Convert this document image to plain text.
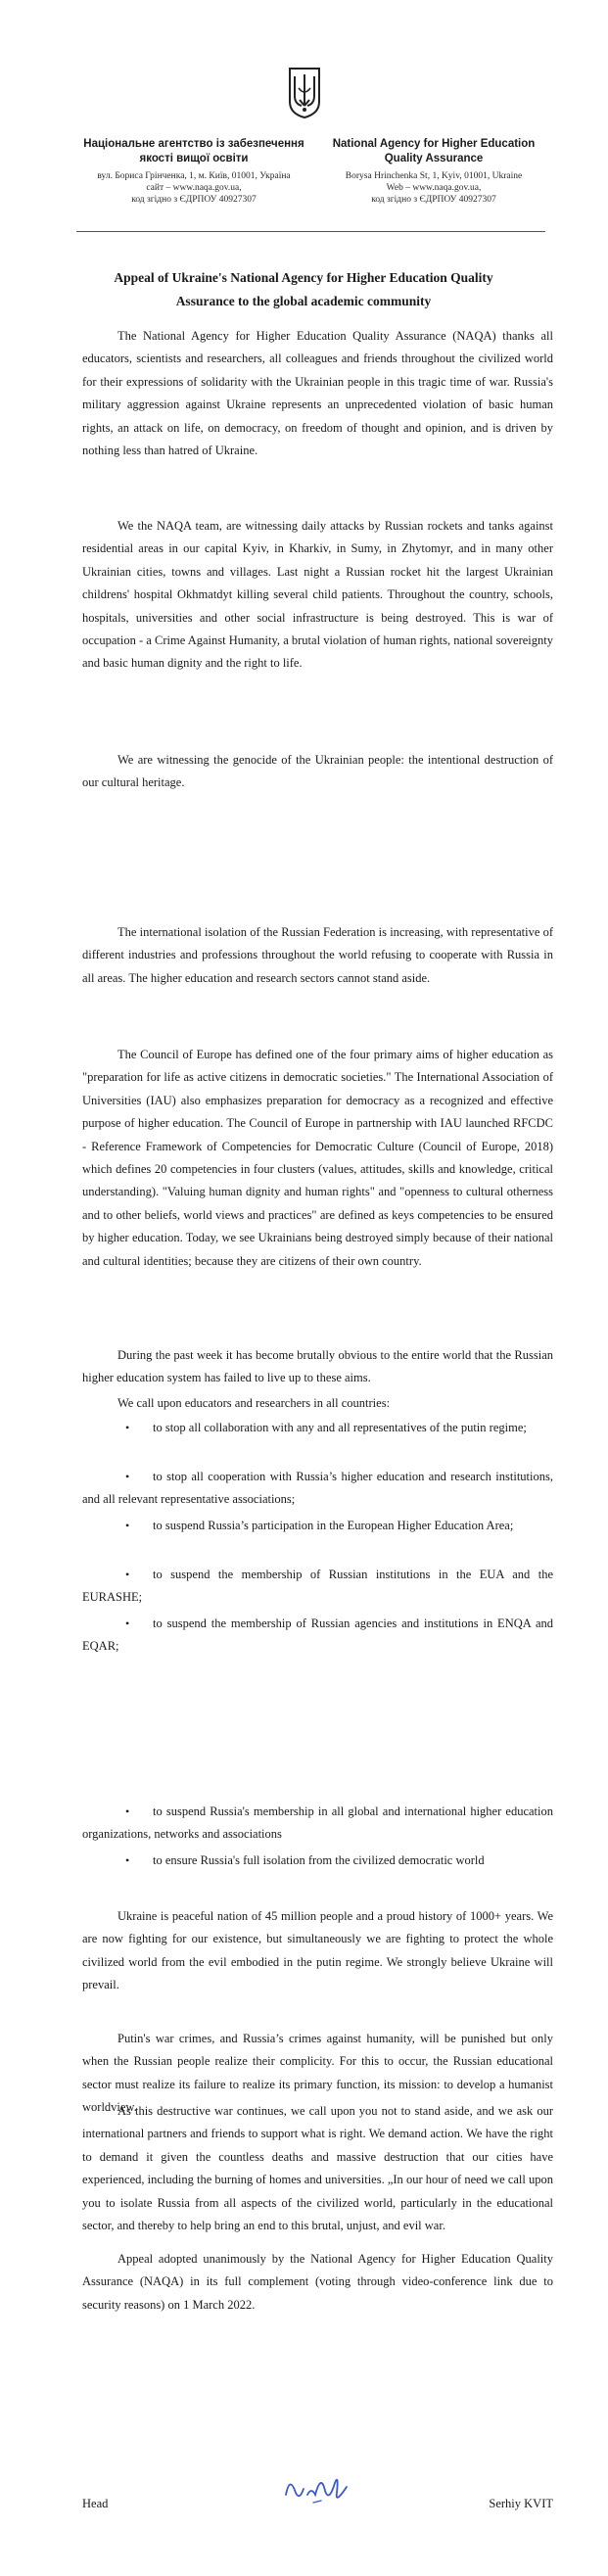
Національне агентство із забезпечення якості вищої освіти

вул. Бориса Грінченка, 1, м. Київ, 01001, Україна

сайт – www.naqa.gov.ua,

код згідно з ЄДРПОУ 40927307

National Agency for Higher Education Quality Assurance

Borysa Hrinchenka St, 1, Kyiv, 01001, Ukraine

Web – www.naqa.gov.ua,

код згідно з ЄДРПОУ 40927307

Appeal of Ukraine's National Agency for Higher Education Quality Assurance to the global academic community

The National Agency for Higher Education Quality Assurance (NAQA) thanks all educators, scientists and researchers, all colleagues and friends throughout the civilized world for their expressions of solidarity with the Ukrainian people in this tragic time of war. Russia's military aggression against Ukraine represents an unprecedented violation of basic human rights, an attack on life, on democracy, on freedom of thought and opinion, and is driven by nothing less than hatred of Ukraine.

We the NAQA team, are witnessing daily attacks by Russian rockets and tanks against residential areas in our capital Kyiv, in Kharkiv, in Sumy, in Zhytomyr, and in many other Ukrainian cities, towns and villages. Last night a Russian rocket hit the largest Ukrainian childrens' hospital Okhmatdyt killing several child patients. Throughout the country, schools, hospitals, universities and other social infrastructure is being destroyed. This is war of occupation - a Crime Against Humanity, a brutal violation of human rights, national sovereignty and basic human dignity and the right to life.

We are witnessing the genocide of the Ukrainian people: the intentional destruction of our cultural heritage.

The international isolation of the Russian Federation is increasing, with representative of different industries and professions throughout the world refusing to cooperate with Russia in all areas. The higher education and research sectors cannot stand aside.

The Council of Europe has defined one of the four primary aims of higher education as "preparation for life as active citizens in democratic societies." The International Association of Universities (IAU) also emphasizes preparation for democracy as a recognized and effective purpose of higher education. The Council of Europe in partnership with IAU launched RFCDC - Reference Framework of Competencies for Democratic Culture (Council of Europe, 2018) which defines 20 competencies in four clusters (values, attitudes, skills and knowledge, critical understanding). "Valuing human dignity and human rights" and "openness to cultural otherness and to other beliefs, world views and practices" are defined as keys competencies to be ensured by higher education. Today, we see Ukrainians being destroyed simply because of their national and cultural identities; because they are citizens of their own country.

During the past week it has become brutally obvious to the entire world that the Russian higher education system has failed to live up to these aims.

We call upon educators and researchers in all countries:

•	to stop all collaboration with any and all representatives of the putin regime;
•	to stop all cooperation with Russia’s higher education and research institutions, and all relevant representative associations;
•	to suspend Russia’s participation in the European Higher Education Area;
•	to suspend the membership of Russian institutions in the EUA and the EURASHE;
•	to suspend the membership of Russian agencies and institutions in ENQA and EQAR;
•	to suspend Russia's membership in all global and international higher education organizations, networks and associations
•	to ensure Russia's full isolation from the civilized democratic world

Ukraine is peaceful nation of 45 million people and a proud history of 1000+ years. We are now fighting for our existence, but simultaneously we are fighting to protect the whole civilized world from the evil embodied in the putin regime. We strongly believe Ukraine will prevail.

Putin's war crimes, and Russia’s crimes against humanity, will be punished but only when the Russian people realize their complicity. For this to occur, the Russian educational sector must realize its failure to realize its primary function, its mission: to develop a humanist worldview.

As this destructive war continues, we call upon you not to stand aside, and we ask our international partners and friends to support what is right. We demand action. We have the right to demand it given the countless deaths and massive destruction that our cities have experienced, including the burning of homes and universities. „In our hour of need we call upon you to isolate Russia from all aspects of the civilized world, particularly in the educational sector, and thereby to help bring an end to this brutal, unjust, and evil war.

Appeal adopted unanimously by the National Agency for Higher Education Quality Assurance (NAQA) in its full complement (voting through video-conference link due to security reasons) on 1 March 2022.

Head	Serhiy KVIT
